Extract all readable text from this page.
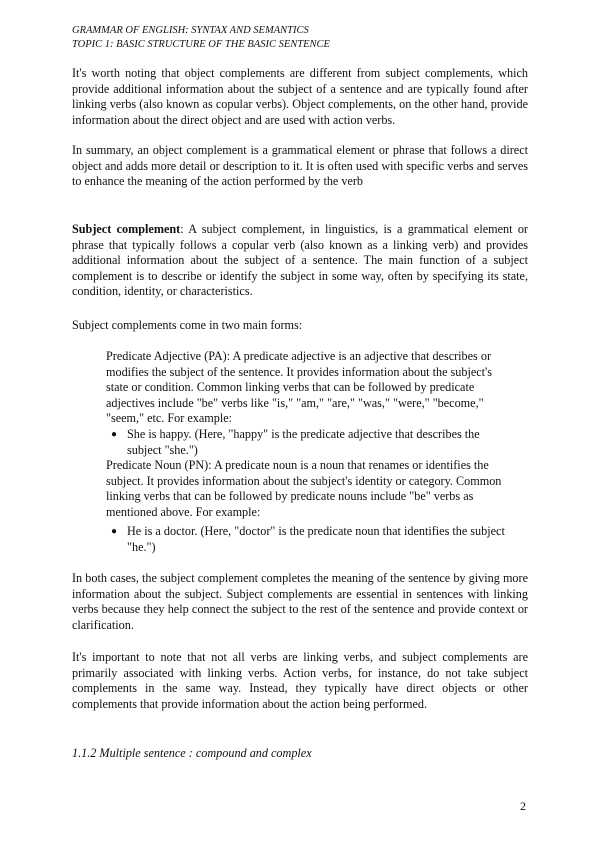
GRAMMAR OF ENGLISH: SYNTAX AND SEMANTICS
TOPIC 1: BASIC STRUCTURE OF THE BASIC SENTENCE
It's worth noting that object complements are different from subject complements, which provide additional information about the subject of a sentence and are typically found after linking verbs (also known as copular verbs). Object complements, on the other hand, provide information about the direct object and are used with action verbs.
In summary, an object complement is a grammatical element or phrase that follows a direct object and adds more detail or description to it. It is often used with specific verbs and serves to enhance the meaning of the action performed by the verb
Subject complement: A subject complement, in linguistics, is a grammatical element or phrase that typically follows a copular verb (also known as a linking verb) and provides additional information about the subject of a sentence. The main function of a subject complement is to describe or identify the subject in some way, often by specifying its state, condition, identity, or characteristics.
Subject complements come in two main forms:
Predicate Adjective (PA): A predicate adjective is an adjective that describes or modifies the subject of the sentence. It provides information about the subject's state or condition. Common linking verbs that can be followed by predicate adjectives include "be" verbs like "is," "am," "are," "was," "were," "become," "seem," etc. For example:
● She is happy. (Here, "happy" is the predicate adjective that describes the subject "she.")
Predicate Noun (PN): A predicate noun is a noun that renames or identifies the subject. It provides information about the subject's identity or category. Common linking verbs that can be followed by predicate nouns include "be" verbs as mentioned above. For example:
● He is a doctor. (Here, "doctor" is the predicate noun that identifies the subject "he.")
In both cases, the subject complement completes the meaning of the sentence by giving more information about the subject. Subject complements are essential in sentences with linking verbs because they help connect the subject to the rest of the sentence and provide context or clarification.
It's important to note that not all verbs are linking verbs, and subject complements are primarily associated with linking verbs. Action verbs, for instance, do not take subject complements in the same way. Instead, they typically have direct objects or other complements that provide information about the action being performed.
1.1.2 Multiple sentence : compound and complex
2
